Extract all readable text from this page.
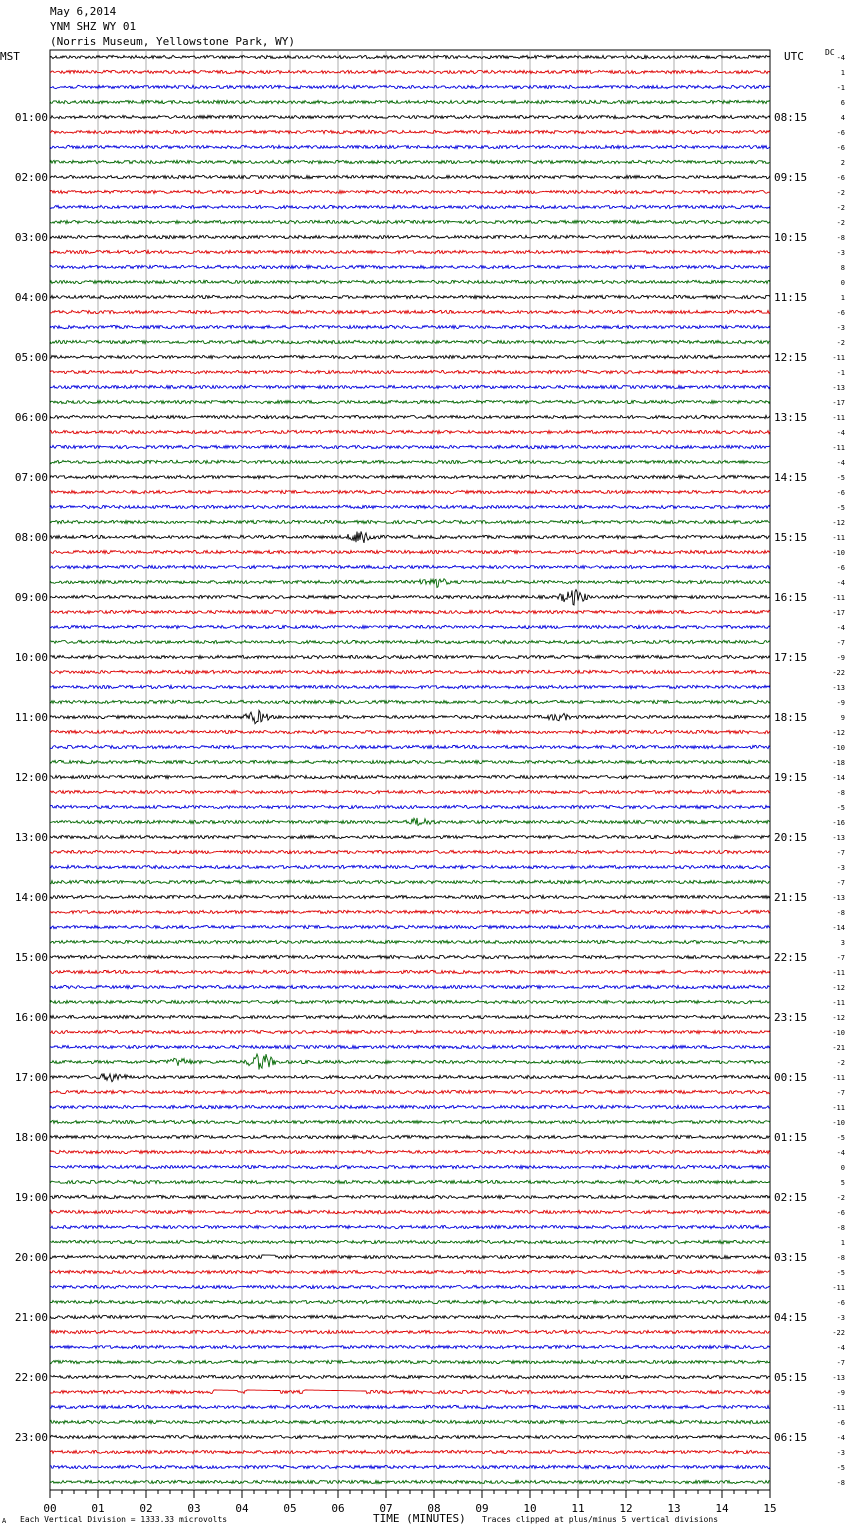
00	01	02	03	04	05	06	07	08	09	10	11	12	13	14	15
01:00
02:00
03:00
04:00
05:00
06:00
07:00
08:00
09:00
10:00
11:00
12:00
13:00
14:00
15:00
16:00
17:00
18:00
19:00
20:00
21:00
22:00
23:00
08:15
09:15
10:15
11:15
12:15
13:15
14:15
15:15
16:15
17:15
18:15
19:15
20:15
21:15
22:15
23:15
00:15
01:15
02:15
03:15
04:15
05:15
06:15
-4
1
-1
6
4
-6
-6
2
-6
-2
-2
-2
-8
-3
8
0
1
-6
-3
-2
-11
-1
-13
-17
-11
-4
-11
-4
-5
-6
-5
-12
-11
-10
-6
-4
-11
-17
-4
-7
-9
-22
-13
-9
9
-12
-10
-18
-14
-8
-5
-16
-13
-7
-3
-7
-13
-8
-14
3
-7
-11
-12
-11
-12
-10
-21
-2
-11
-7
-11
-10
-5
-4
0
5
-2
-6
-8
1
-8
-5
-11
-6
-3
-22
-4
-7
-13
-9
-11
-6
-4
-3
-5
-8
May 6,2014
YNM SHZ WY 01
(Norris Museum, Yellowstone Park, WY)
MST	UTC	DC
A Each Vertical Division = 1333.33 microvolts	TIME (MINUTES) Traces clipped at plus/minus 5 vertical divisions
